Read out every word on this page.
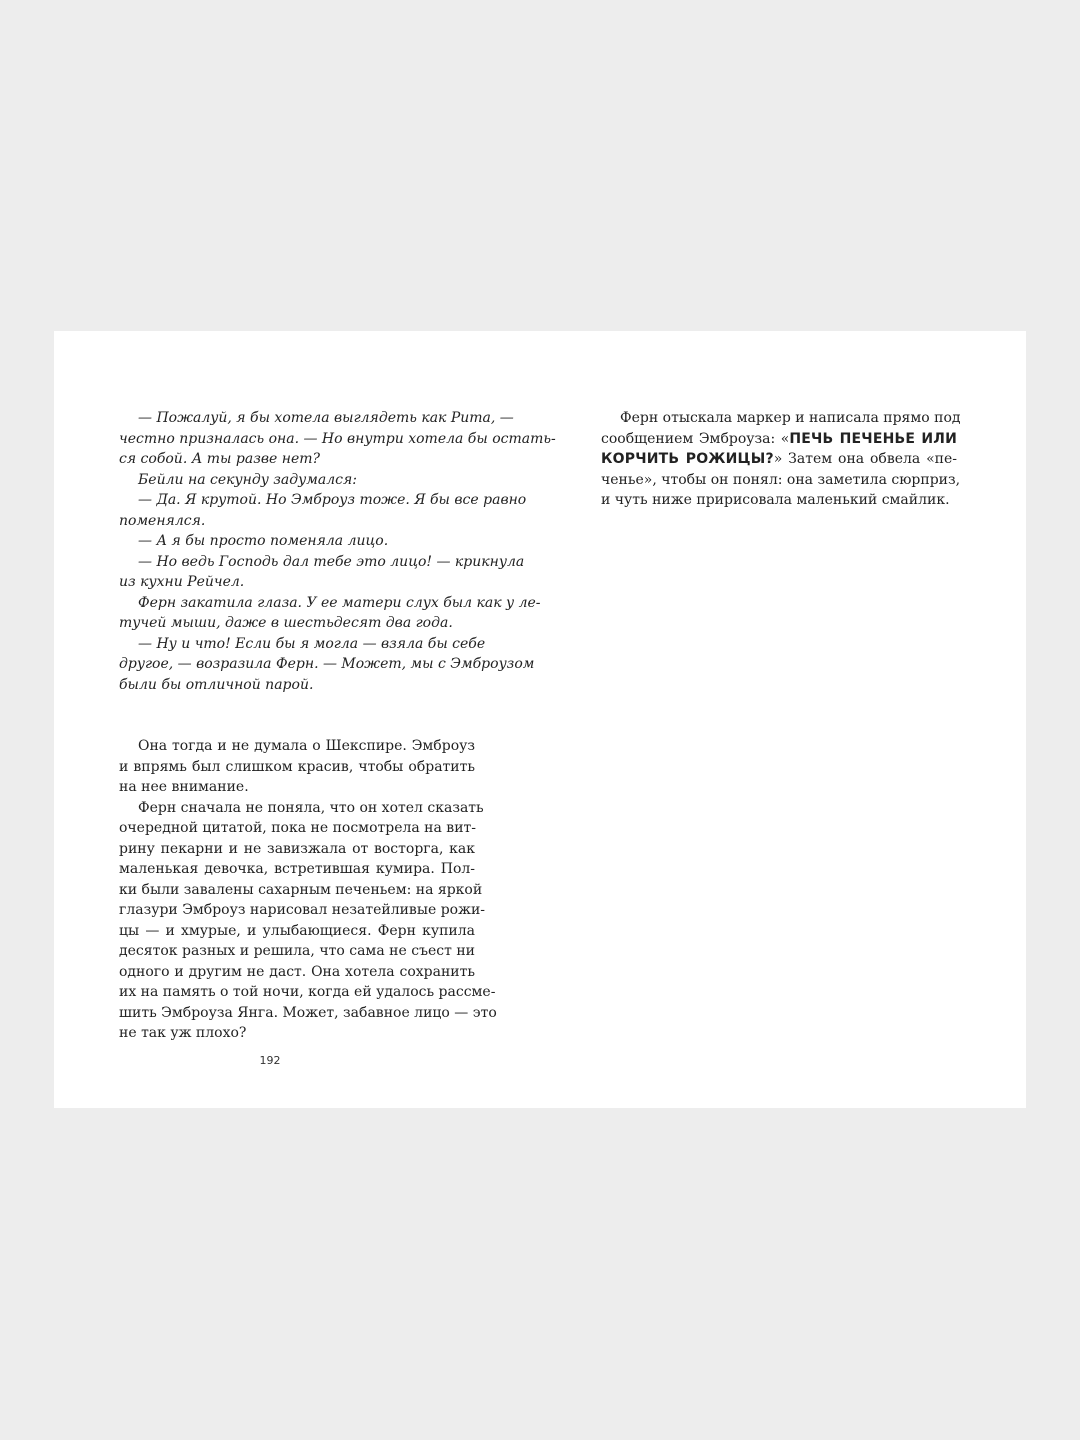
— Пожалуй, я бы хотела выглядеть как Рита, —
честно призналась она. — Но внутри хотела бы остать-
ся собой. А ты разве нет?
Бейли на секунду задумался:
— Да. Я крутой. Но Эмброуз тоже. Я бы все равно
поменялся.
— А я бы просто поменяла лицо.
— Но ведь Господь дал тебе это лицо! — крикнула
из кухни Рейчел.
Ферн закатила глаза. У ее матери слух был как у ле-
тучей мыши, даже в шестьдесят два года.
— Ну и что! Если бы я могла — взяла бы себе
другое, — возразила Ферн. — Может, мы с Эмброузом
были бы отличной парой.
Она тогда и не думала о Шекспире. Эмброуз
и впрямь был слишком красив, чтобы обратить
на нее внимание.
Ферн сначала не поняла, что он хотел сказать
очередной цитатой, пока не посмотрела на вит-
рину пекарни и не завизжала от восторга, как
маленькая девочка, встретившая кумира. Пол-
ки были завалены сахарным печеньем: на яркой
глазури Эмброуз нарисовал незатейливые рожи-
цы — и хмурые, и улыбающиеся. Ферн купила
десяток разных и решила, что сама не съест ни
одного и другим не даст. Она хотела сохранить
их на память о той ночи, когда ей удалось рассме-
шить Эмброуза Янга. Может, забавное лицо — это
не так уж плохо?
Ферн отыскала маркер и написала прямо под
сообщением Эмброуза: «ПЕЧЬ ПЕЧЕНЬЕ ИЛИ
КОРЧИТЬ РОЖИЦЫ?» Затем она обвела «пе-
ченье», чтобы он понял: она заметила сюрприз,
и чуть ниже пририсовала маленький смайлик.
192
